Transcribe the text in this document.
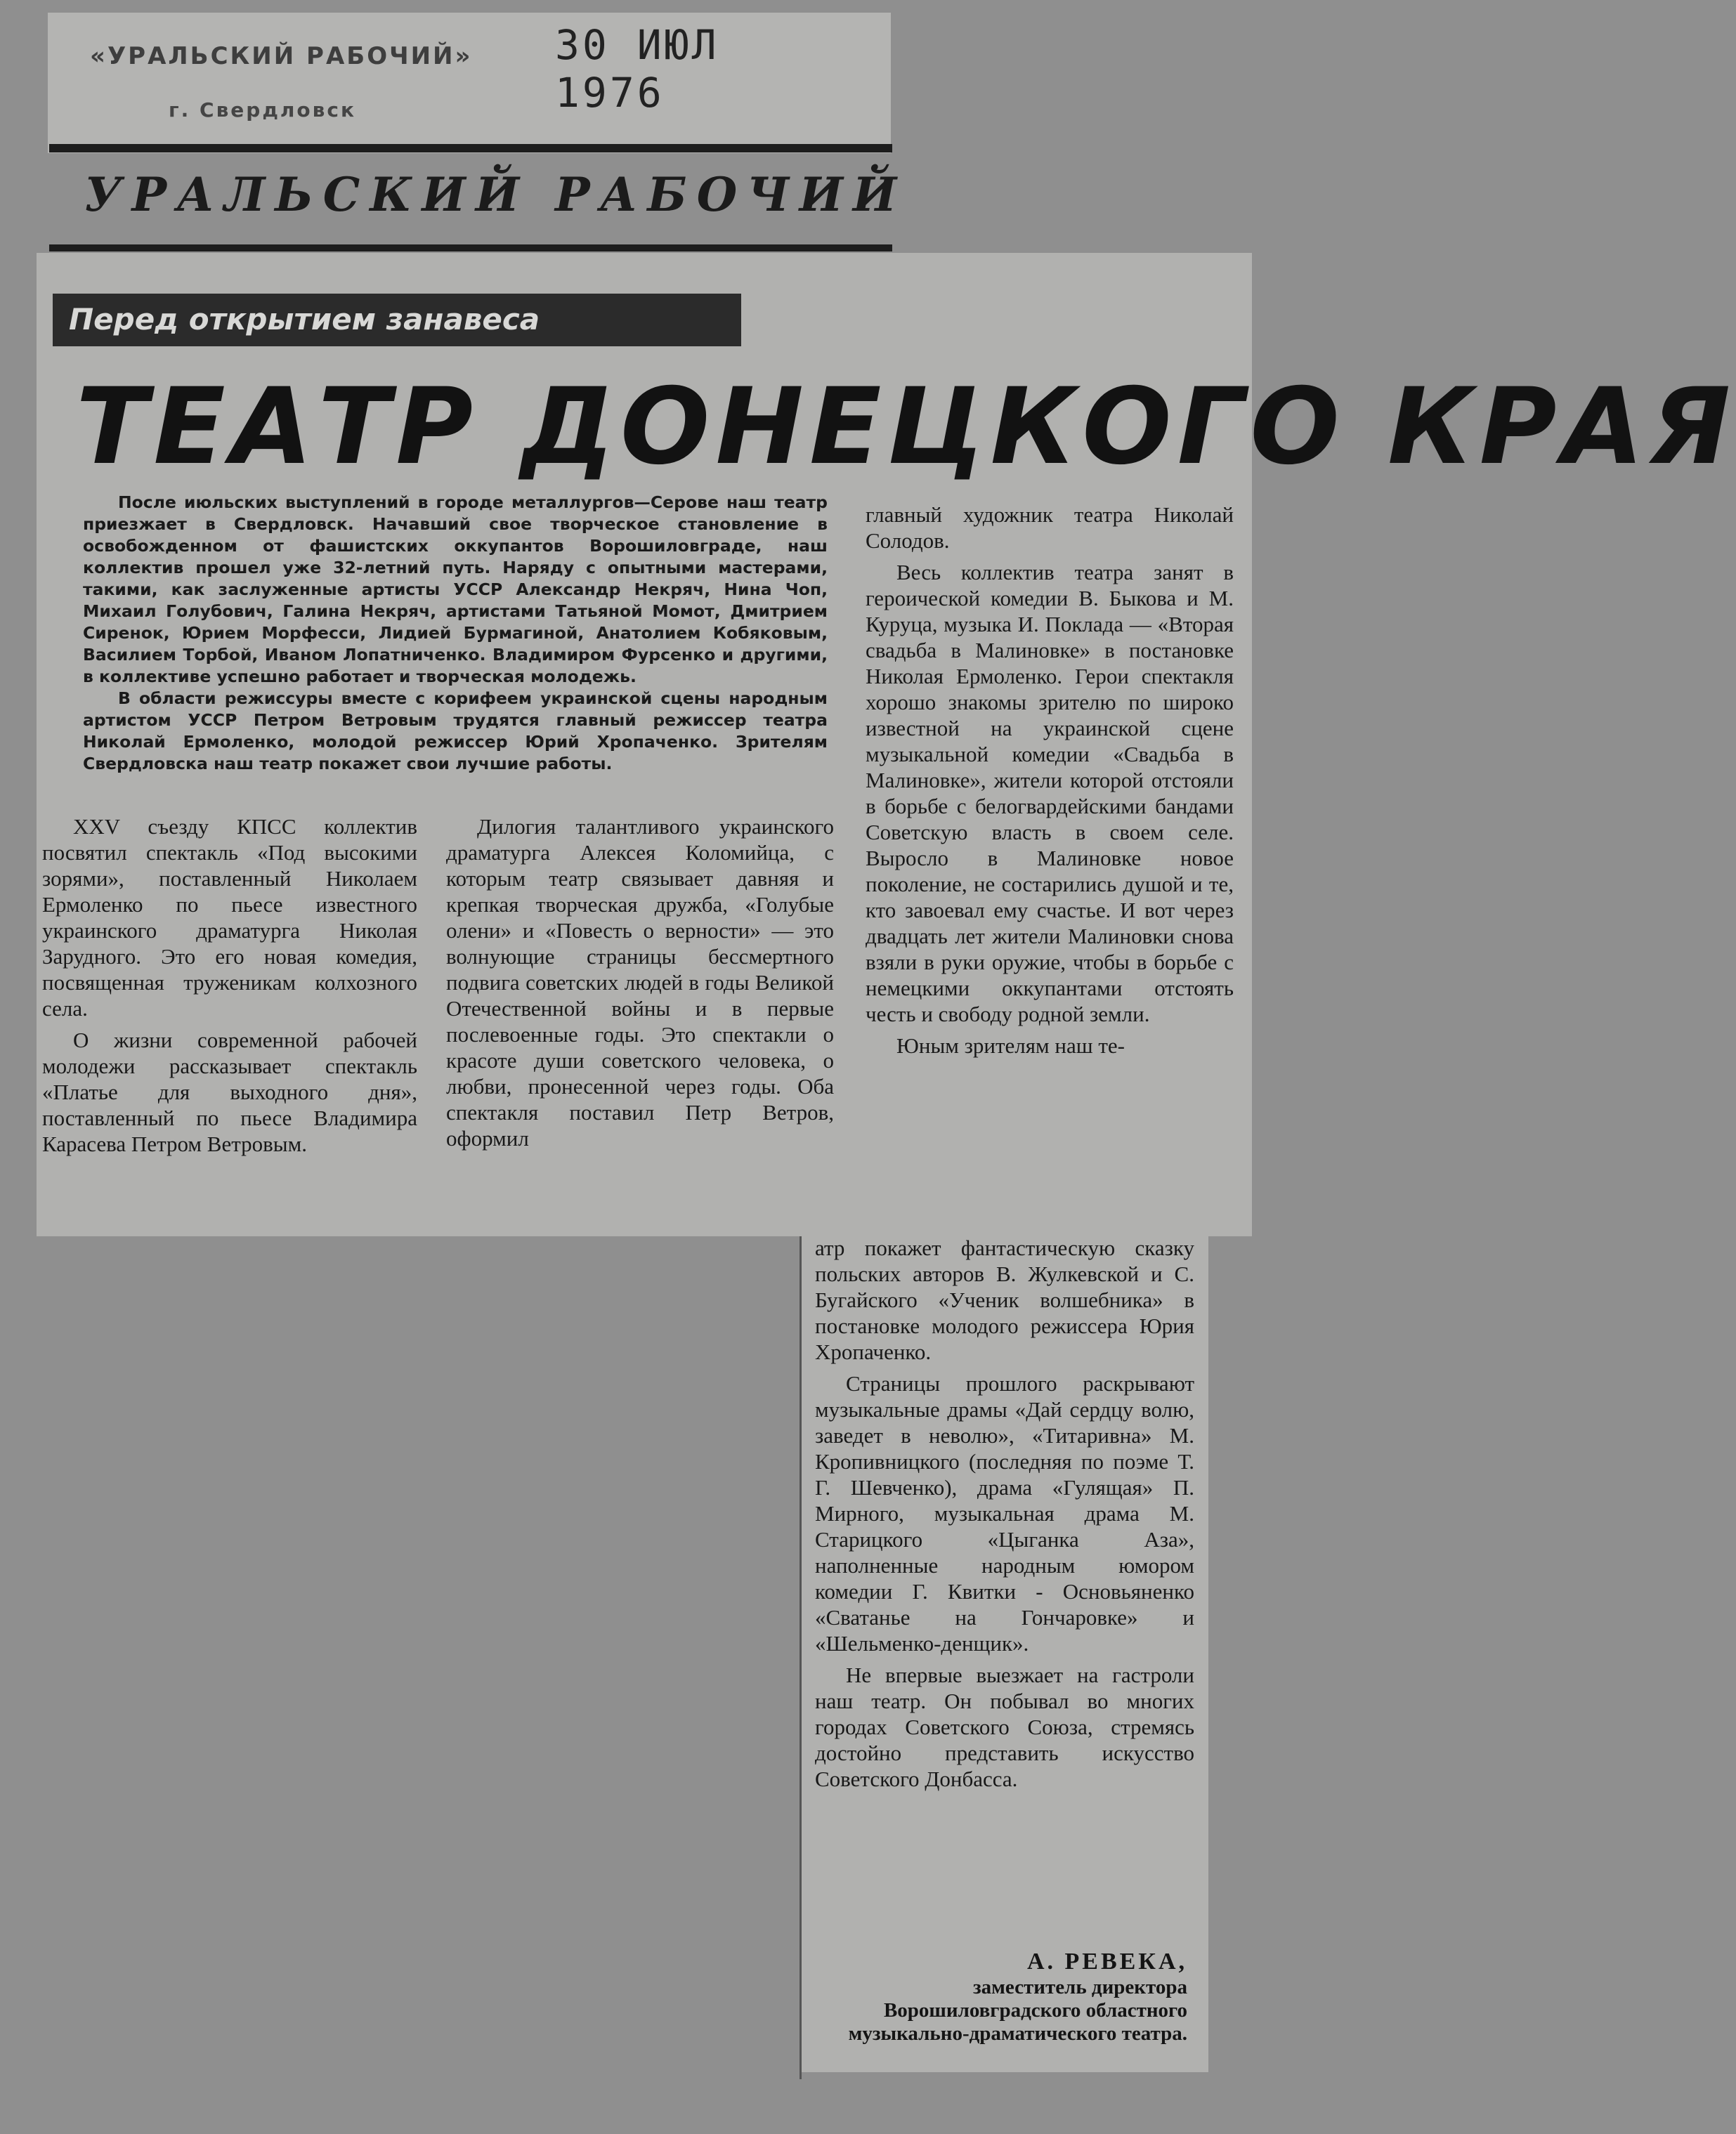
«УРАЛЬСКИЙ РАБОЧИЙ»
г. Свердловск
30 ИЮЛ 1976
УРАЛЬСКИЙ РАБОЧИЙ
Перед открытием занавеса
ТЕАТР ДОНЕЦКОГО КРАЯ

После июльских выступлений в городе металлургов—Серове наш театр приезжает в Свердловск. Начавший свое творческое становление в освобожденном от фашистских оккупантов Ворошиловграде, наш коллектив прошел уже 32-летний путь. Наряду с опытными мастерами, такими, как заслуженные артисты УССР Александр Некряч, Нина Чоп, Михаил Голубович, Галина Некряч, артистами Татьяной Момот, Дмитрием Сиренок, Юрием Морфесси, Лидией Бурмагиной, Анатолием Кобяковым, Василием Торбой, Иваном Лопатниченко. Владимиром Фурсенко и другими, в коллективе успешно работает и творческая молодежь.

В области режиссуры вместе с корифеем украинской сцены народным артистом УССР Петром Ветровым трудятся главный режиссер театра Николай Ермоленко, молодой режиссер Юрий Хропаченко. Зрителям Свердловска наш театр покажет свои лучшие работы.

XXV съезду КПСС коллектив посвятил спектакль «Под высокими зорями», поставленный Николаем Ермоленко по пьесе известного украинского драматурга Николая Зарудного. Это его новая комедия, посвященная труженикам колхозного села.

О жизни современной рабочей молодежи рассказывает спектакль «Платье для выходного дня», поставленный по пьесе Владимира Карасева Петром Ветровым.

Дилогия талантливого украинского драматурга Алексея Коломийца, с которым театр связывает давняя и крепкая творческая дружба, «Голубые олени» и «Повесть о верности» — это волнующие страницы бессмертного подвига советских людей в годы Великой Отечественной войны и в первые послевоенные годы. Это спектакли о красоте души советского человека, о любви, пронесенной через годы. Оба спектакля поставил Петр Ветров, оформил

главный художник театра Николай Солодов.

Весь коллектив театра занят в героической комедии В. Быкова и М. Куруца, музыка И. Поклада — «Вторая свадьба в Малиновке» в постановке Николая Ермоленко. Герои спектакля хорошо знакомы зрителю по широко известной на украинской сцене музыкальной комедии «Свадьба в Малиновке», жители которой отстояли в борьбе с белогвардейскими бандами Советскую власть в своем селе. Выросло в Малиновке новое поколение, не состарились душой и те, кто завоевал ему счастье. И вот через двадцать лет жители Малиновки снова взяли в руки оружие, чтобы в борьбе с немецкими оккупантами отстоять честь и свободу родной земли.

Юным зрителям наш те-

атр покажет фантастическую сказку польских авторов В. Жулкевской и С. Бугайского «Ученик волшебника» в постановке молодого режиссера Юрия Хропаченко.

Страницы прошлого раскрывают музыкальные драмы «Дай сердцу волю, заведет в неволю», «Титаривна» М. Кропивницкого (последняя по поэме Т. Г. Шевченко), драма «Гулящая» П. Мирного, музыкальная драма М. Старицкого «Цыганка Аза», наполненные народным юмором комедии Г. Квитки - Основьяненко «Сватанье на Гончаровке» и «Шельменко-денщик».

Не впервые выезжает на гастроли наш театр. Он побывал во многих городах Советского Союза, стремясь достойно представить искусство Советского Донбасса.

А. РЕВЕКА,
заместитель директора Ворошиловградского областного музыкально-драматического театра.
